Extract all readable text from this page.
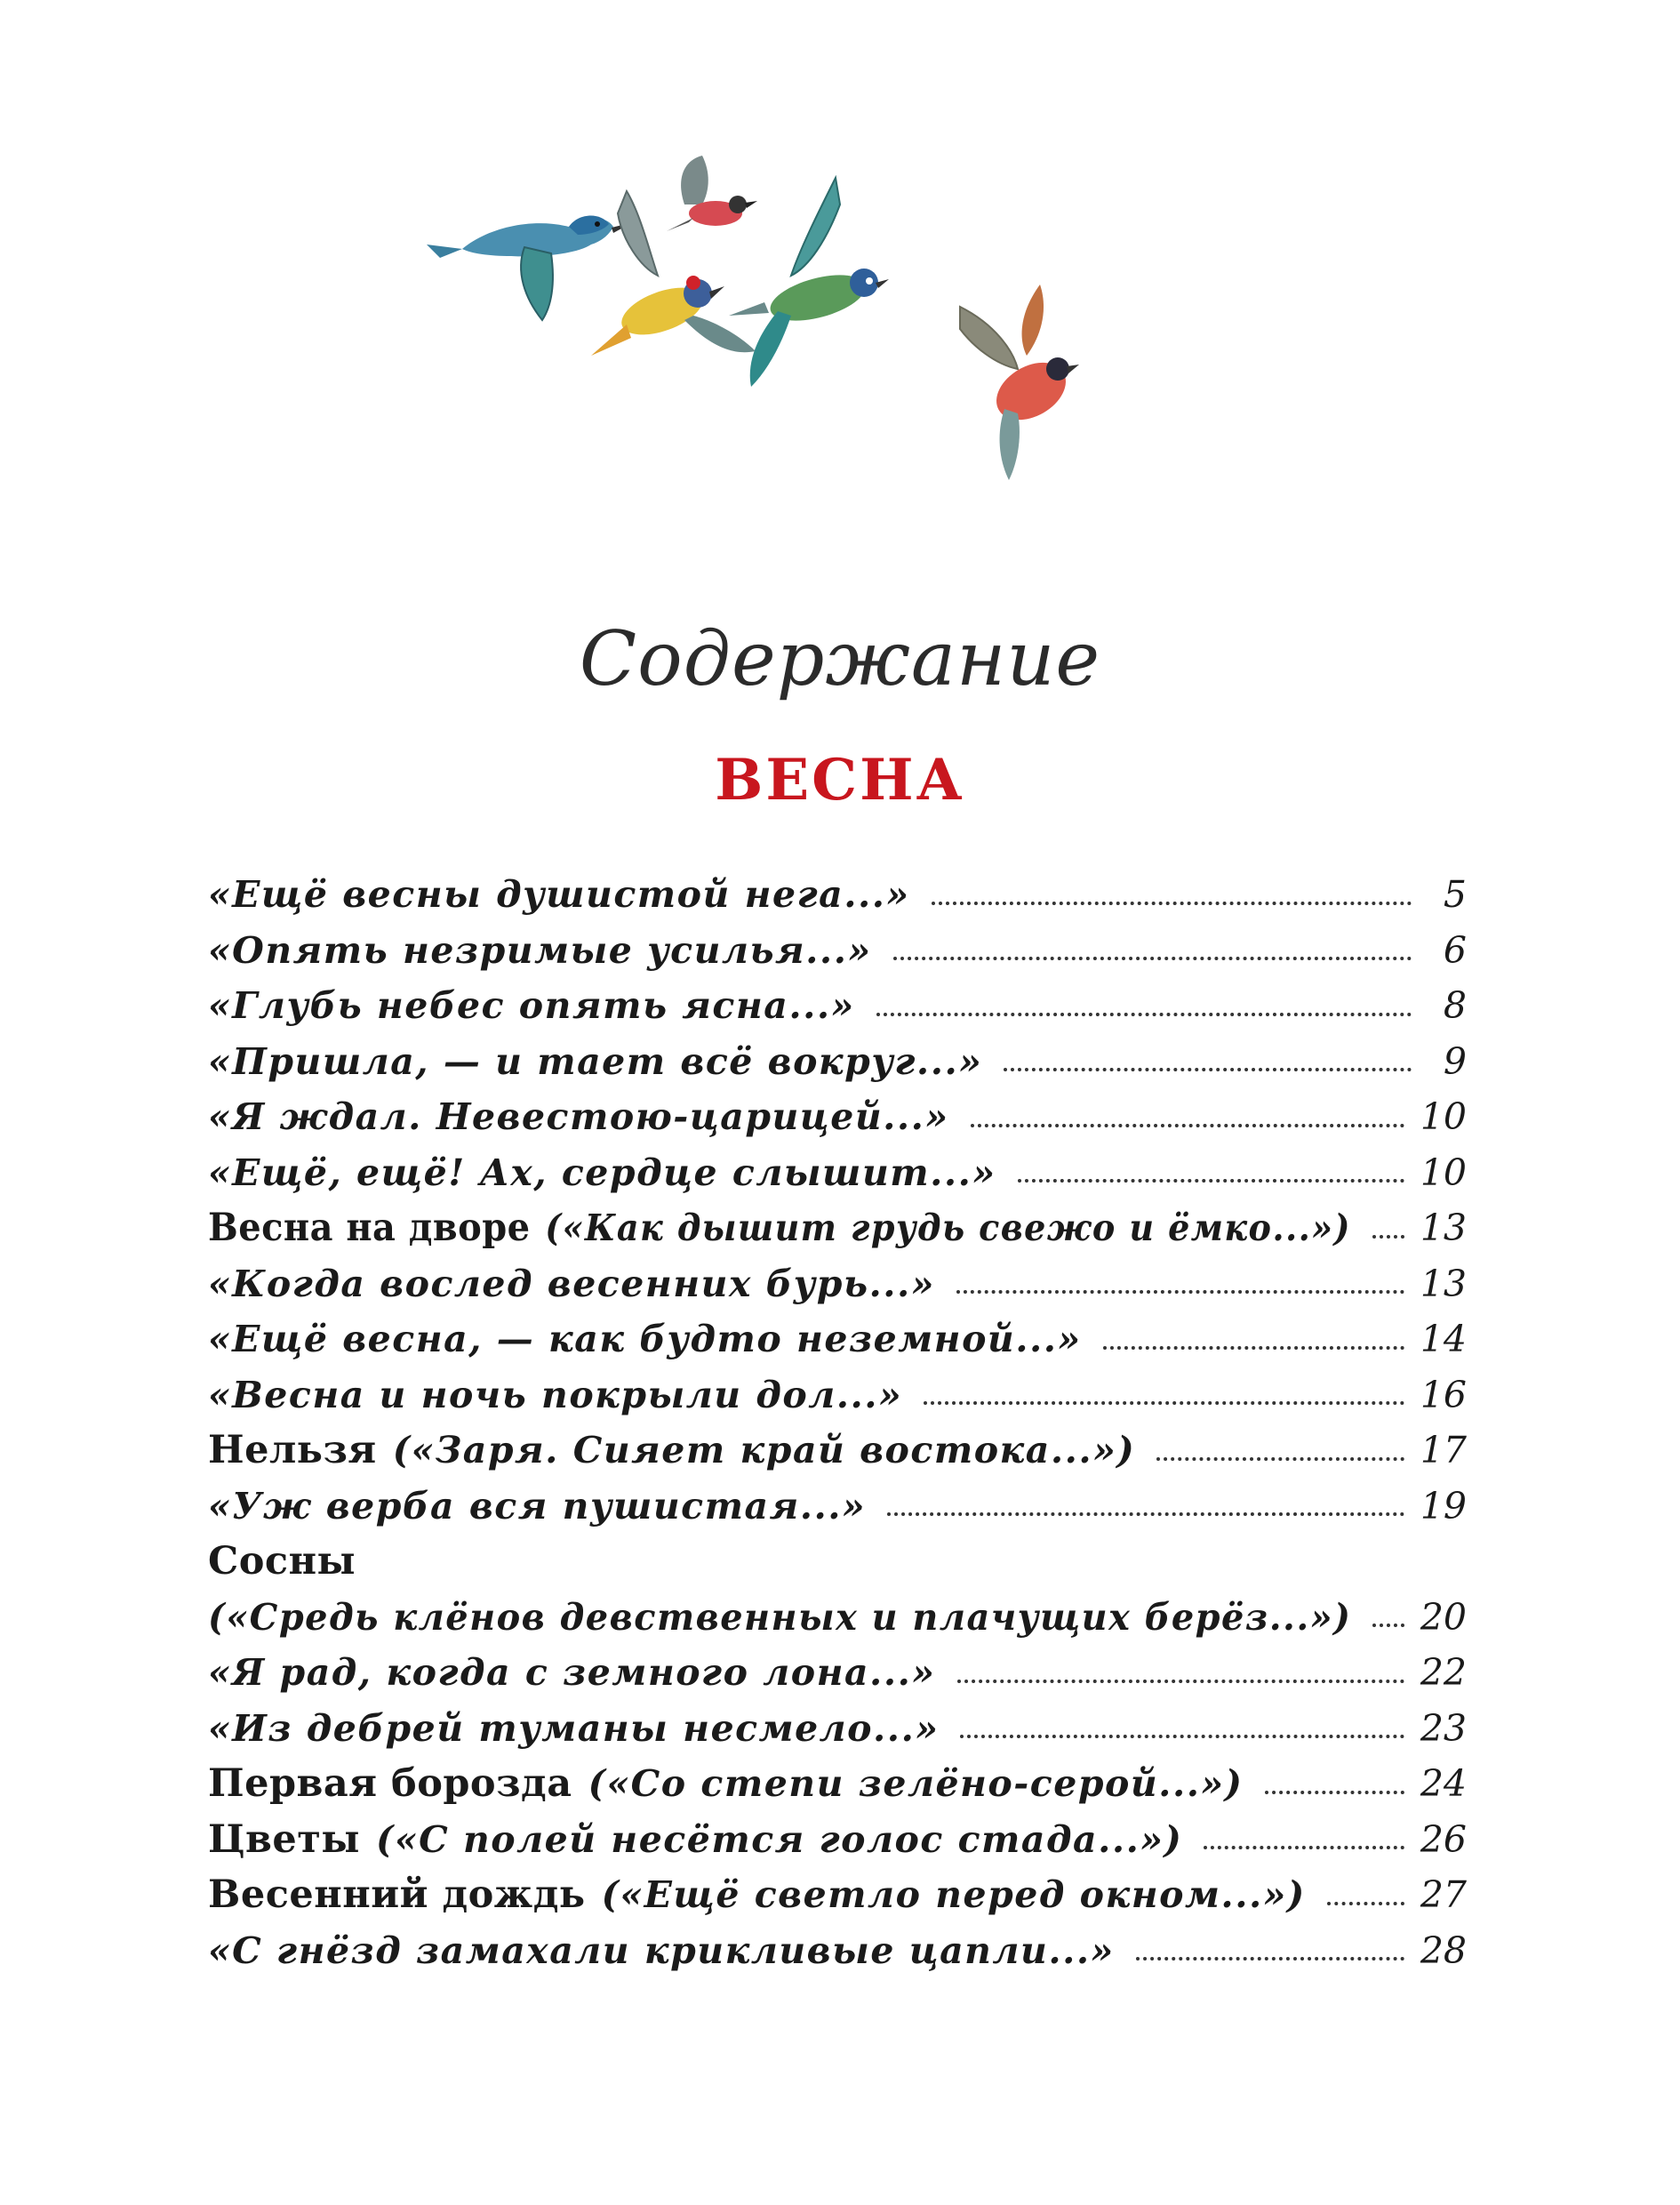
Содержание
ВЕСНА
«Ещё весны душистой нега...»	5
«Опять незримые усилья...»	6
«Глубь небес опять ясна...»	8
«Пришла, — и тает всё вокруг...»	9
«Я ждал. Невестою-царицей...»	10
«Ещё, ещё! Ах, сердце слышит...»	10
Весна на дворе («Как дышит грудь свежо и ёмко...») 13
«Когда вослед весенних бурь...»	13
«Ещё весна, — как будто неземной...»	14
«Весна и ночь покрыли дол...»	16
Нельзя («Заря. Сияет край востока...»)	17
«Уж верба вся пушистая...»	19
Сосны
(«Средь клёнов девственных и плачущих берёз...») 20
«Я рад, когда с земного лона...»	22
«Из дебрей туманы несмело...»	23
Первая борозда («Со степи зелёно-серой...»)	24
Цветы («С полей несётся голос стада...»)	26
Весенний дождь («Ещё светло перед окном...»)	27
«С гнёзд замахали крикливые цапли...»	28
